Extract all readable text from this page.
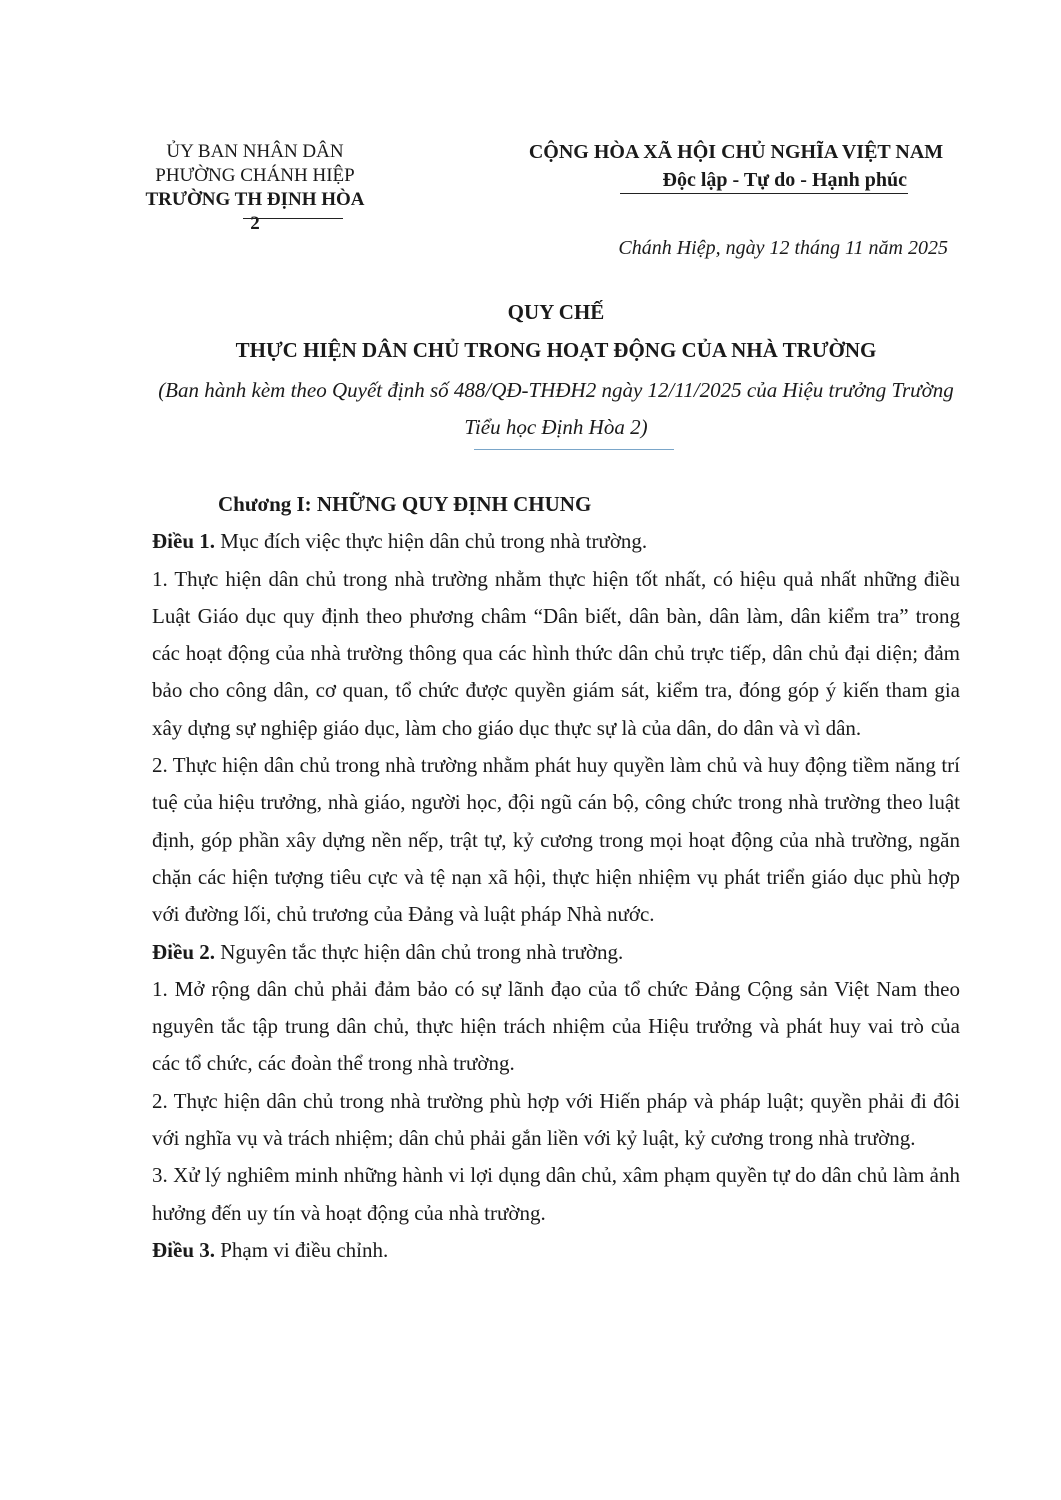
ỦY BAN NHÂN DÂN
PHƯỜNG CHÁNH HIỆP
TRƯỜNG TH ĐỊNH HÒA 2
CỘNG HÒA XÃ HỘI CHỦ NGHĨA VIỆT NAM
Độc lập - Tự do - Hạnh phúc
Chánh Hiệp, ngày 12 tháng 11 năm 2025
QUY CHẾ
THỰC HIỆN DÂN CHỦ TRONG HOẠT ĐỘNG CỦA NHÀ TRƯỜNG
(Ban hành kèm theo Quyết định số 488/QĐ-THĐH2 ngày 12/11/2025 của Hiệu trưởng Trường Tiểu học Định Hòa 2)

Chương I: NHỮNG QUY ĐỊNH CHUNG

Điều 1. Mục đích việc thực hiện dân chủ trong nhà trường.

1. Thực hiện dân chủ trong nhà trường nhằm thực hiện tốt nhất, có hiệu quả nhất những điều Luật Giáo dục quy định theo phương châm “Dân biết, dân bàn, dân làm, dân kiểm tra” trong các hoạt động của nhà trường thông qua các hình thức dân chủ trực tiếp, dân chủ đại diện; đảm bảo cho công dân, cơ quan, tổ chức được quyền giám sát, kiểm tra, đóng góp ý kiến tham gia xây dựng sự nghiệp giáo dục, làm cho giáo dục thực sự là của dân, do dân và vì dân.

2. Thực hiện dân chủ trong nhà trường nhằm phát huy quyền làm chủ và huy động tiềm năng trí tuệ của hiệu trưởng, nhà giáo, người học, đội ngũ cán bộ, công chức trong nhà trường theo luật định, góp phần xây dựng nền nếp, trật tự, kỷ cương trong mọi hoạt động của nhà trường, ngăn chặn các hiện tượng tiêu cực và tệ nạn xã hội, thực hiện nhiệm vụ phát triển giáo dục phù hợp với đường lối, chủ trương của Đảng và luật pháp Nhà nước.

Điều 2. Nguyên tắc thực hiện dân chủ trong nhà trường.

1. Mở rộng dân chủ phải đảm bảo có sự lãnh đạo của tổ chức Đảng Cộng sản Việt Nam theo nguyên tắc tập trung dân chủ, thực hiện trách nhiệm của Hiệu trưởng và phát huy vai trò của các tổ chức, các đoàn thể trong nhà trường.

2. Thực hiện dân chủ trong nhà trường phù hợp với Hiến pháp và pháp luật; quyền phải đi đôi với nghĩa vụ và trách nhiệm; dân chủ phải gắn liền với kỷ luật, kỷ cương trong nhà trường.

3. Xử lý nghiêm minh những hành vi lợi dụng dân chủ, xâm phạm quyền tự do dân chủ làm ảnh hưởng đến uy tín và hoạt động của nhà trường.

Điều 3. Phạm vi điều chỉnh.
